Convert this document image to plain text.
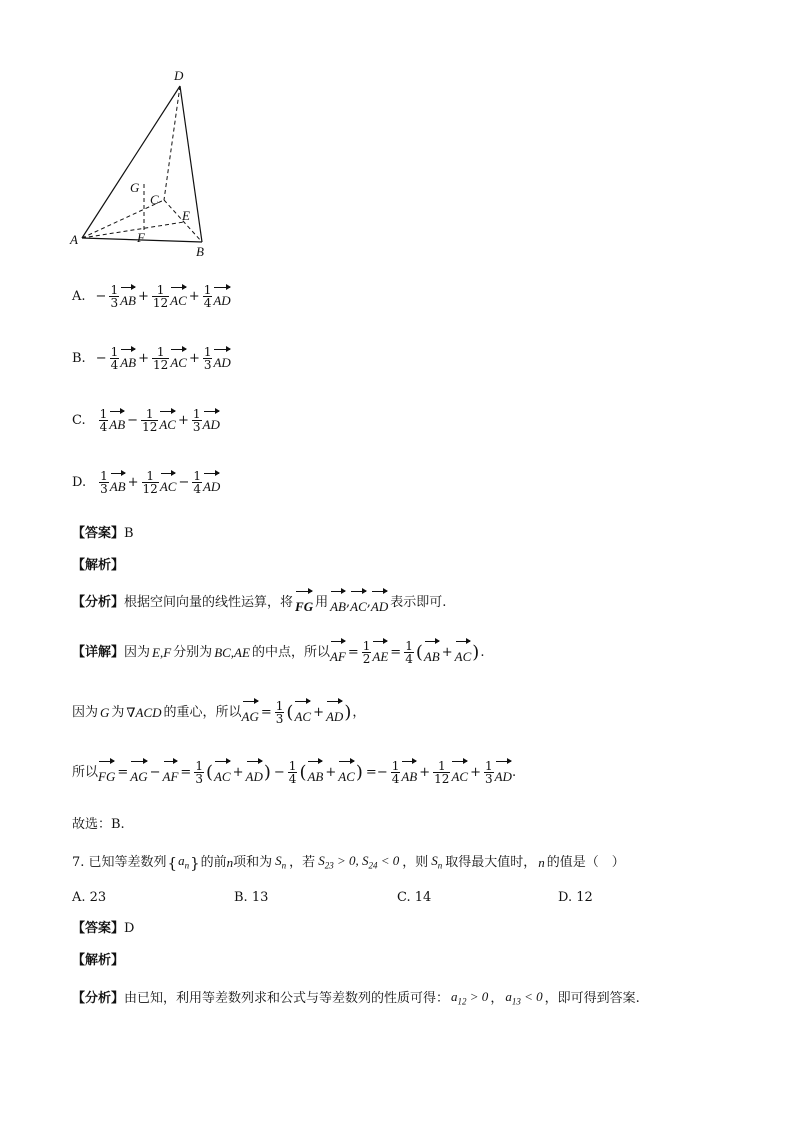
D
G
C
E
A	F
B
A. − $\frac{1}{3}$ AB + $\frac{1}{12}$ AC + $\frac{1}{4}$ AD
B. − $\frac{1}{4}$ AB + $\frac{1}{12}$ AC + $\frac{1}{3}$ AD
C. $\frac{1}{4}$ AB − $\frac{1}{12}$ AC + $\frac{1}{3}$ AD
D. $\frac{1}{3}$ AB + $\frac{1}{12}$ AC − $\frac{1}{4}$ AD
【答案】B
【解析】
【分析】 根据空间向量的线性运算，将 FG 用 AB , AC , AD 表示即可.
【详解】 因为 E,F 分别为 BC,AE 的中点，所以 AF = $\frac{1}{2}$ AE = $\frac{1}{4}$ ( AB + AC ) .
因为 G 为 ∇ACD 的重心，所以 AG = $\frac{1}{3}$ ( AC + AD ) ，
所以 FG = AG − AF = $\frac{1}{3}$ ( AC + AD ) − $\frac{1}{4}$ ( AB + AC ) =− $\frac{1}{4}$ AB + $\frac{1}{12}$ AC + $\frac{1}{3}$ AD .
故选：B.
7. 已知等差数列 { $a_n$ } 的前 n 项和为 $S_n$ ，若 $S_{23} > 0$, $S_{24} < 0$ ，则 $S_n$ 取得最大值时， n 的值是（　）
A. 23	B. 13	C. 14	D. 12
【答案】D
【解析】
【分析】 由已知，利用等差数列求和公式与等差数列的性质可得： $a_{12} > 0$ ， $a_{13} < 0$ ，即可得到答案.
